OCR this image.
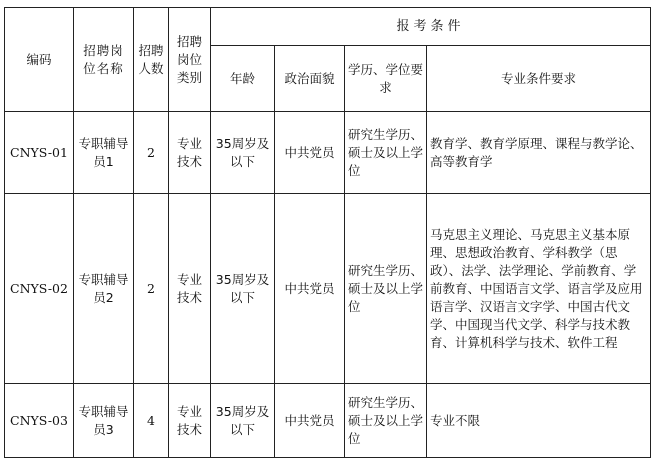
编码	招聘岗位名称	招聘人数	招聘岗位类别	报考条件			
				年龄	政治面貌	学历、学位要求	专业条件要求
CNYS-01	专职辅导员1	2	专业技术	35周岁及以下	中共党员	研究生学历、硕士及以上学位	教育学、教育学原理、课程与教学论、高等教育学
CNYS-02	专职辅导员2	2	专业技术	35周岁及以下	中共党员	研究生学历、硕士及以上学位	马克思主义理论、马克思主义基本原理、思想政治教育、学科教学（思政）、法学、法学理论、学前教育、学前教育、中国语言文学、语言学及应用语言学、汉语言文字学、中国古代文学、中国现当代文学、科学与技术教育、计算机科学与技术、软件工程
CNYS-03	专职辅导员3	4	专业技术	35周岁及以下	中共党员	研究生学历、硕士及以上学位	专业不限
